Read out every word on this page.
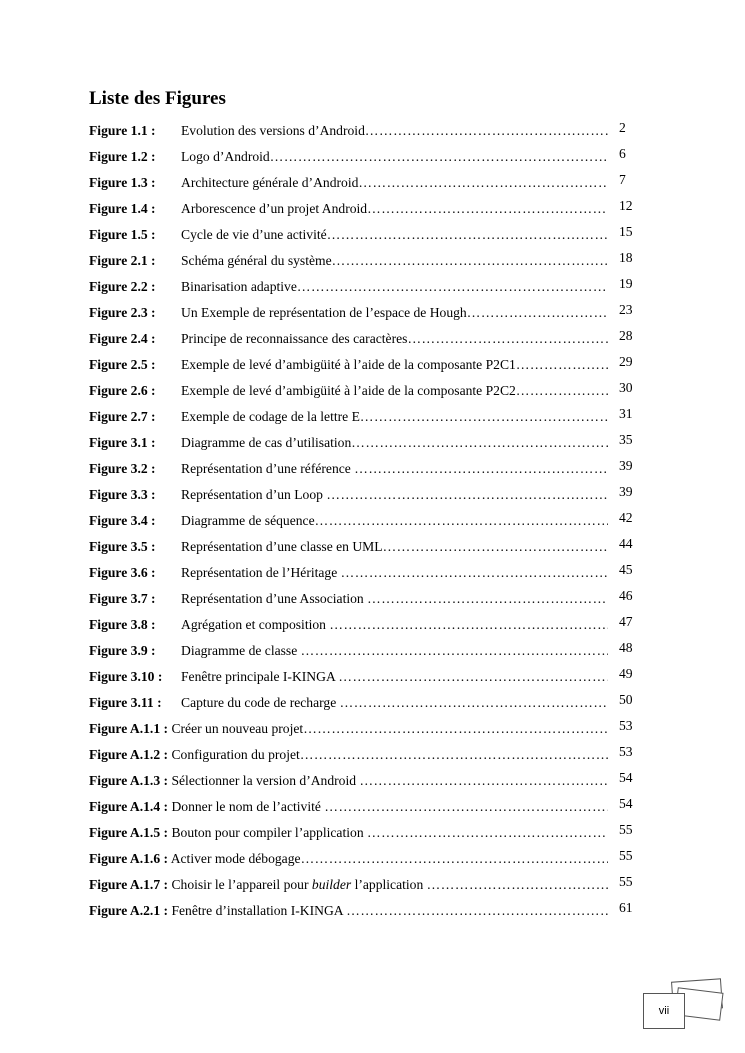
Liste des Figures
Figure 1.1 :	Evolution des versions d’Android …………………………………………………………………………………………………………………………………………	2
Figure 1.2 :	Logo d’Android …………………………………………………………………………………………………………………………………………	6
Figure 1.3 :	Architecture générale d’Android …………………………………………………………………………………………………………………………………………	7
Figure 1.4 :	Arborescence d’un projet Android …………………………………………………………………………………………………………………………………………	12
Figure 1.5 :	Cycle de vie d’une activité …………………………………………………………………………………………………………………………………………	15
Figure 2.1 :	Schéma général du système …………………………………………………………………………………………………………………………………………	18
Figure 2.2 :	Binarisation adaptive …………………………………………………………………………………………………………………………………………	19
Figure 2.3 :	Un Exemple de représentation de l’espace de Hough …………………………………………………………………………………………………………………………………………	23
Figure 2.4 :	Principe de reconnaissance des caractères …………………………………………………………………………………………………………………………………………	28
Figure 2.5 :	Exemple de levé d’ambigüité à l’aide de la composante P2C1 …………………………………………………………………………………………………………………………………………	29
Figure 2.6 :	Exemple de levé d’ambigüité à l’aide de la composante P2C2 …………………………………………………………………………………………………………………………………………	30
Figure 2.7 :	Exemple de codage de la lettre E …………………………………………………………………………………………………………………………………………	31
Figure 3.1 :	Diagramme de cas d’utilisation …………………………………………………………………………………………………………………………………………	35
Figure 3.2 :	Représentation d’une référence …………………………………………………………………………………………………………………………………………	39
Figure 3.3 :	Représentation d’un Loop …………………………………………………………………………………………………………………………………………	39
Figure 3.4 :	Diagramme de séquence …………………………………………………………………………………………………………………………………………	42
Figure 3.5 :	Représentation d’une classe en UML …………………………………………………………………………………………………………………………………………	44
Figure 3.6 :	Représentation de l’Héritage …………………………………………………………………………………………………………………………………………	45
Figure 3.7 :	Représentation d’une Association …………………………………………………………………………………………………………………………………………	46
Figure 3.8 :	Agrégation et composition …………………………………………………………………………………………………………………………………………	47
Figure 3.9 :	Diagramme de classe …………………………………………………………………………………………………………………………………………	48
Figure 3.10 :	Fenêtre principale I-KINGA …………………………………………………………………………………………………………………………………………	49
Figure 3.11 :	Capture du code de recharge …………………………………………………………………………………………………………………………………………	50
Figure A.1.1 : Créer un nouveau projet …………………………………………………………………………………………………………………………………………	53
Figure A.1.2 : Configuration du projet …………………………………………………………………………………………………………………………………………	53
Figure A.1.3 : Sélectionner la version d’Android …………………………………………………………………………………………………………………………………………	54
Figure A.1.4 : Donner le nom de l’activité …………………………………………………………………………………………………………………………………………	54
Figure A.1.5 : Bouton pour compiler l’application …………………………………………………………………………………………………………………………………………	55
Figure A.1.6 : Activer mode débogage …………………………………………………………………………………………………………………………………………	55
Figure A.1.7 : Choisir le l’appareil pour builder l’application …………………………………………………………………………………………………………………………………………	55
Figure A.2.1 : Fenêtre d’installation I-KINGA …………………………………………………………………………………………………………………………………………	61
vii
